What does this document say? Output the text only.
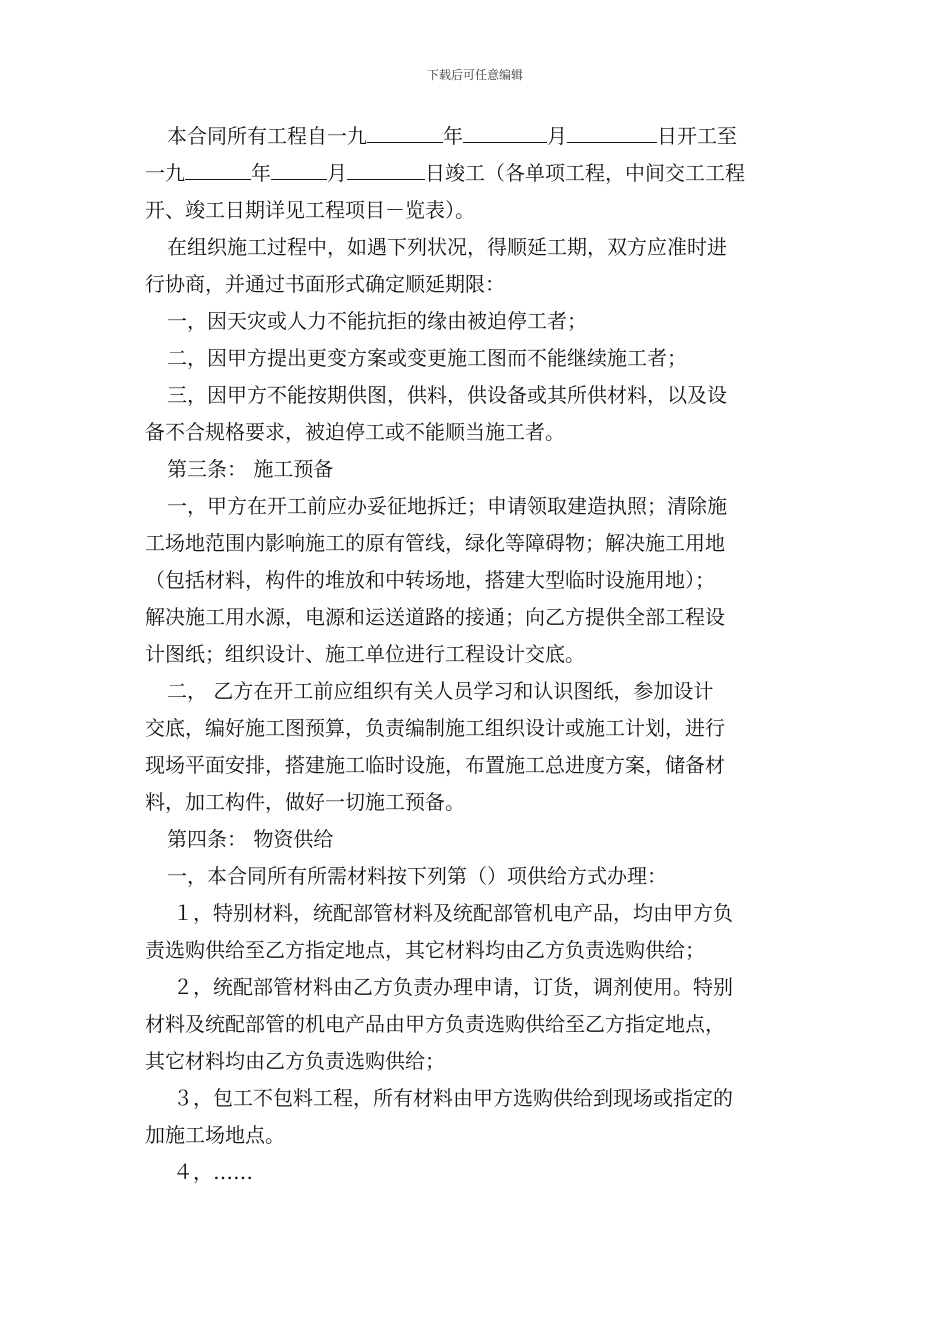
下载后可任意编辑
本合同所有工程自一九	年	月	日开工至
一九	年	月	日竣工（各单项工程，中间交工工程
开、竣工日期详见工程项目－览表）。
在组织施工过程中，如遇下列状况，得顺延工期，双方应准时进
行协商，并通过书面形式确定顺延期限：
一，因天灾或人力不能抗拒的缘由被迫停工者；
二，因甲方提出更变方案或变更施工图而不能继续施工者；
三，因甲方不能按期供图，供料，供设备或其所供材料，以及设
备不合规格要求，被迫停工或不能顺当施工者。
第三条： 施工预备
一，甲方在开工前应办妥征地拆迁；申请领取建造执照；清除施
工场地范围内影响施工的原有管线，绿化等障碍物；解决施工用地
（包括材料，构件的堆放和中转场地，搭建大型临时设施用地）；
解决施工用水源，电源和运送道路的接通；向乙方提供全部工程设
计图纸；组织设计、施工单位进行工程设计交底。
二， 乙方在开工前应组织有关人员学习和认识图纸，参加设计
交底，编好施工图预算，负责编制施工组织设计或施工计划，进行
现场平面安排，搭建施工临时设施，布置施工总进度方案，储备材
料，加工构件，做好一切施工预备。
第四条： 物资供给
一，本合同所有所需材料按下列第（）项供给方式办理：
１，特别材料，统配部管材料及统配部管机电产品，均由甲方负
责选购供给至乙方指定地点，其它材料均由乙方负责选购供给；
２，统配部管材料由乙方负责办理申请，订货，调剂使用。特别
材料及统配部管的机电产品由甲方负责选购供给至乙方指定地点，
其它材料均由乙方负责选购供给；
３，包工不包料工程，所有材料由甲方选购供给到现场或指定的
加施工场地点。
４，……
